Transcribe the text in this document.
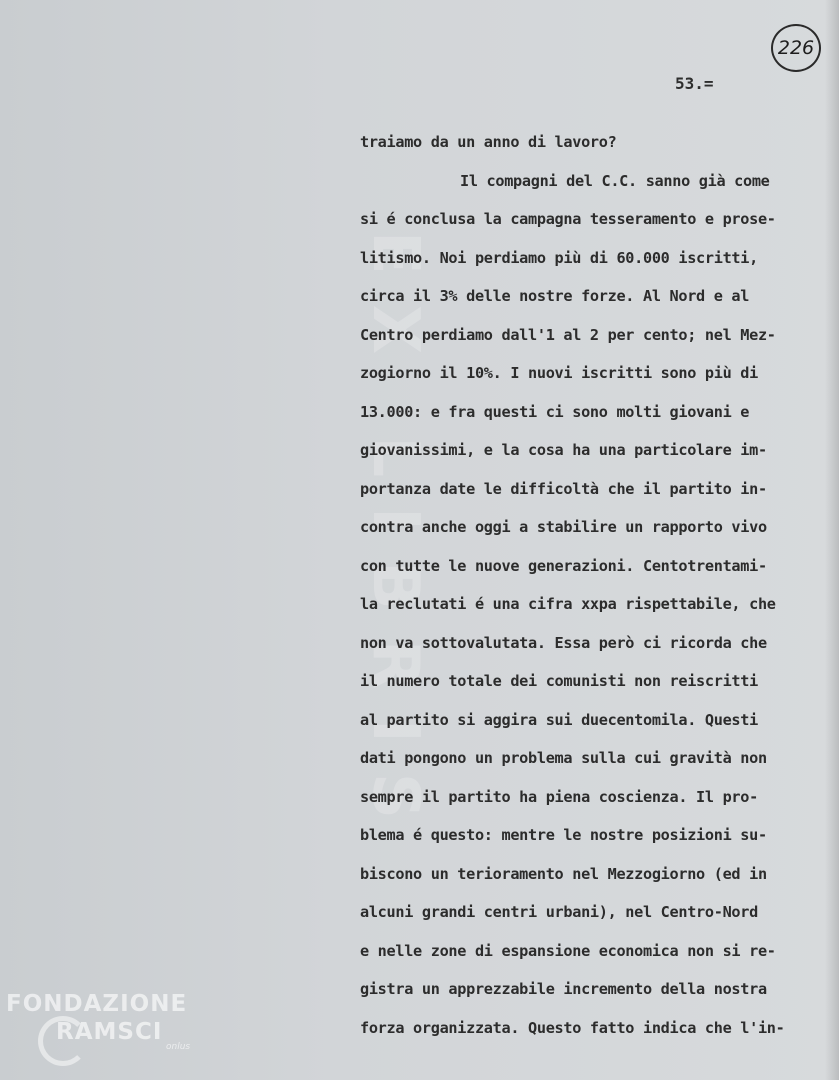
EX LIBRIS
226
53.=
traiamo da un anno di lavoro?
Il compagni del C.C. sanno già come
si é conclusa la campagna tesseramento e prose-
litismo. Noi perdiamo più di 60.000 iscritti,
circa il 3% delle nostre forze. Al Nord e al
Centro perdiamo dall'1 al 2 per cento; nel Mez-
zogiorno il 10%. I nuovi iscritti sono più di
13.000: e fra questi ci sono molti giovani e
giovanissimi, e la cosa ha una particolare im-
portanza date le difficoltà che il partito in-
contra anche oggi a stabilire un rapporto vivo
con tutte le nuove generazioni. Centotrentami-
la reclutati é una cifra xxpa rispettabile, che
non va sottovalutata. Essa però ci ricorda che
il numero totale dei comunisti non reiscritti
al partito si aggira sui duecentomila. Questi
dati pongono un problema sulla cui gravità non
sempre il partito ha piena coscienza. Il pro-
blema é questo: mentre le nostre posizioni su-
biscono un terioramento nel Mezzogiorno (ed in
alcuni grandi centri urbani), nel Centro-Nord
e nelle zone di espansione economica non si re-
gistra un apprezzabile incremento della nostra
forza organizzata. Questo fatto indica che l'in-
FONDAZIONE
RAMSCI
onlus
